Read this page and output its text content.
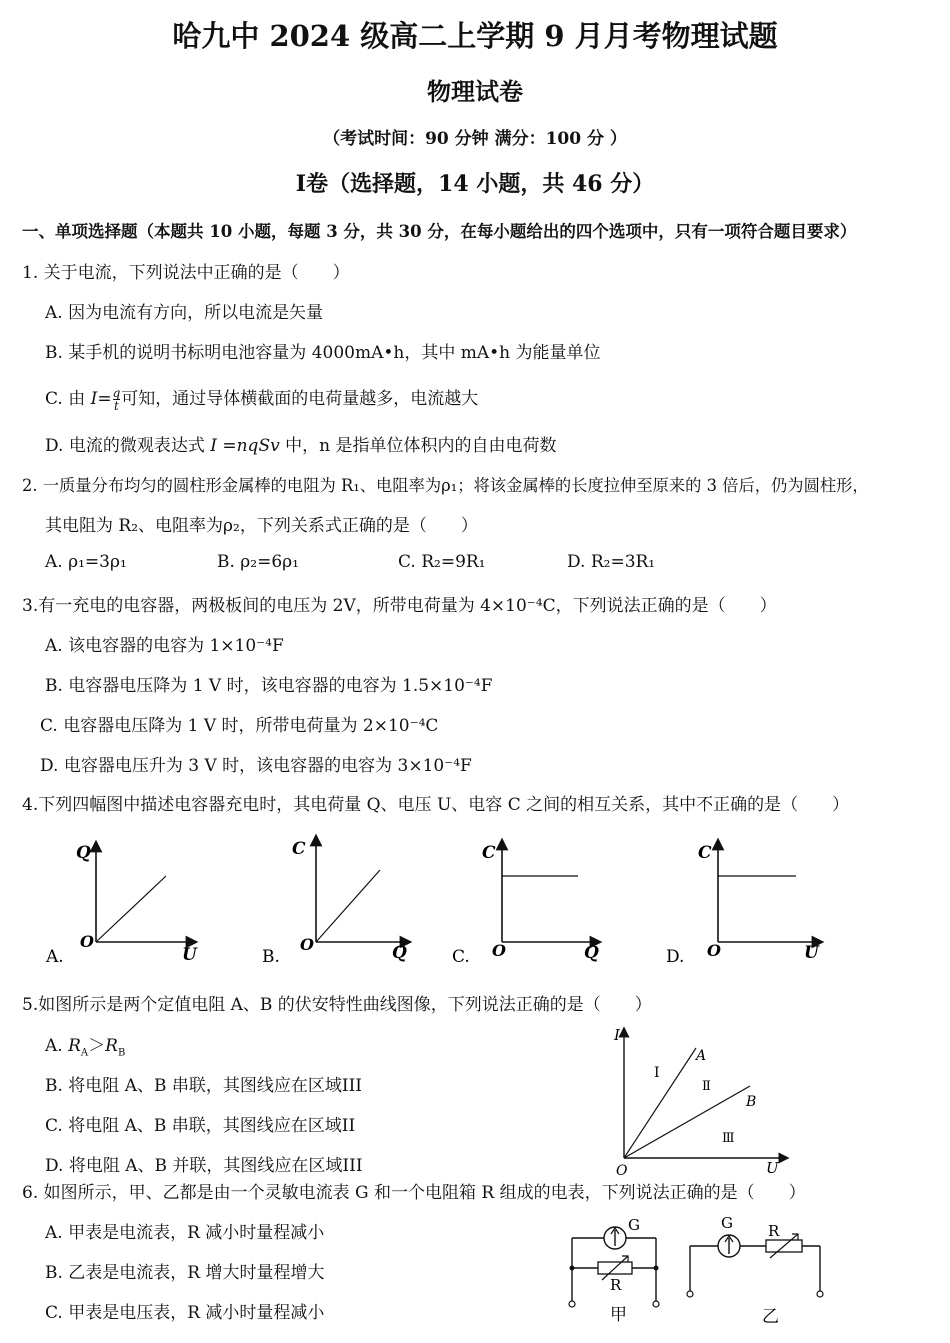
哈九中 2024 级高二上学期 9 月月考物理试题
物理试卷
（考试时间：90 分钟 满分：100 分 ）
I卷（选择题，14 小题，共 46 分）
一、单项选择题（本题共 10 小题，每题 3 分，共 30 分，在每小题给出的四个选项中，只有一项符合题目要求）
1. 关于电流，下列说法中正确的是（　　）
A. 因为电流有方向，所以电流是矢量
B. 某手机的说明书标明电池容量为 4000mA•h，其中 mA•h 为能量单位
C. 由 $I= \frac{q}{t}$ 可知，通过导体横截面的电荷量越多，电流越大
D. 电流的微观表达式 I =nqSv 中，n 是指单位体积内的自由电荷数
2. 一质量分布均匀的圆柱形金属棒的电阻为 R₁、电阻率为ρ₁；将该金属棒的长度拉伸至原来的 3 倍后，仍为圆柱形，
其电阻为 R₂、电阻率为ρ₂，下列关系式正确的是（　　）
A. ρ₁=3ρ₁	B. ρ₂=6ρ₁	C. R₂=9R₁	D. R₂=3R₁
3.有一充电的电容器，两极板间的电压为 2V，所带电荷量为 4×10⁻⁴C，下列说法正确的是（　　）
A. 该电容器的电容为 1×10⁻⁴F
B. 电容器电压降为 1 V 时，该电容器的电容为 1.5×10⁻⁴F
C. 电容器电压降为 1 V 时，所带电荷量为 2×10⁻⁴C
D. 电容器电压升为 3 V 时，该电容器的电容为 3×10⁻⁴F
4.下列四幅图中描述电容器充电时，其电荷量 Q、电压 U、电容 C 之间的相互关系，其中不正确的是（　　）
Q
O
U
A.
C
O	Q
B.
C
O	Q
C.
C
O	U
D.
5.如图所示是两个定值电阻 A、B 的伏安特性曲线图像，下列说法正确的是（　　）
A. $R_A>R_B$
B. 将电阻 A、B 串联，其图线应在区域III
C. 将电阻 A、B 串联，其图线应在区域II
D. 将电阻 A、B 并联，其图线应在区域III
I
O	U
A
B
I
Ⅱ
Ⅲ
6. 如图所示，甲、乙都是由一个灵敏电流表 G 和一个电阻箱 R 组成的电表，下列说法正确的是（　　）
A. 甲表是电流表，R 减小时量程减小
B. 乙表是电流表，R 增大时量程增大
C. 甲表是电压表，R 减小时量程减小
G
R
甲
G R
乙
